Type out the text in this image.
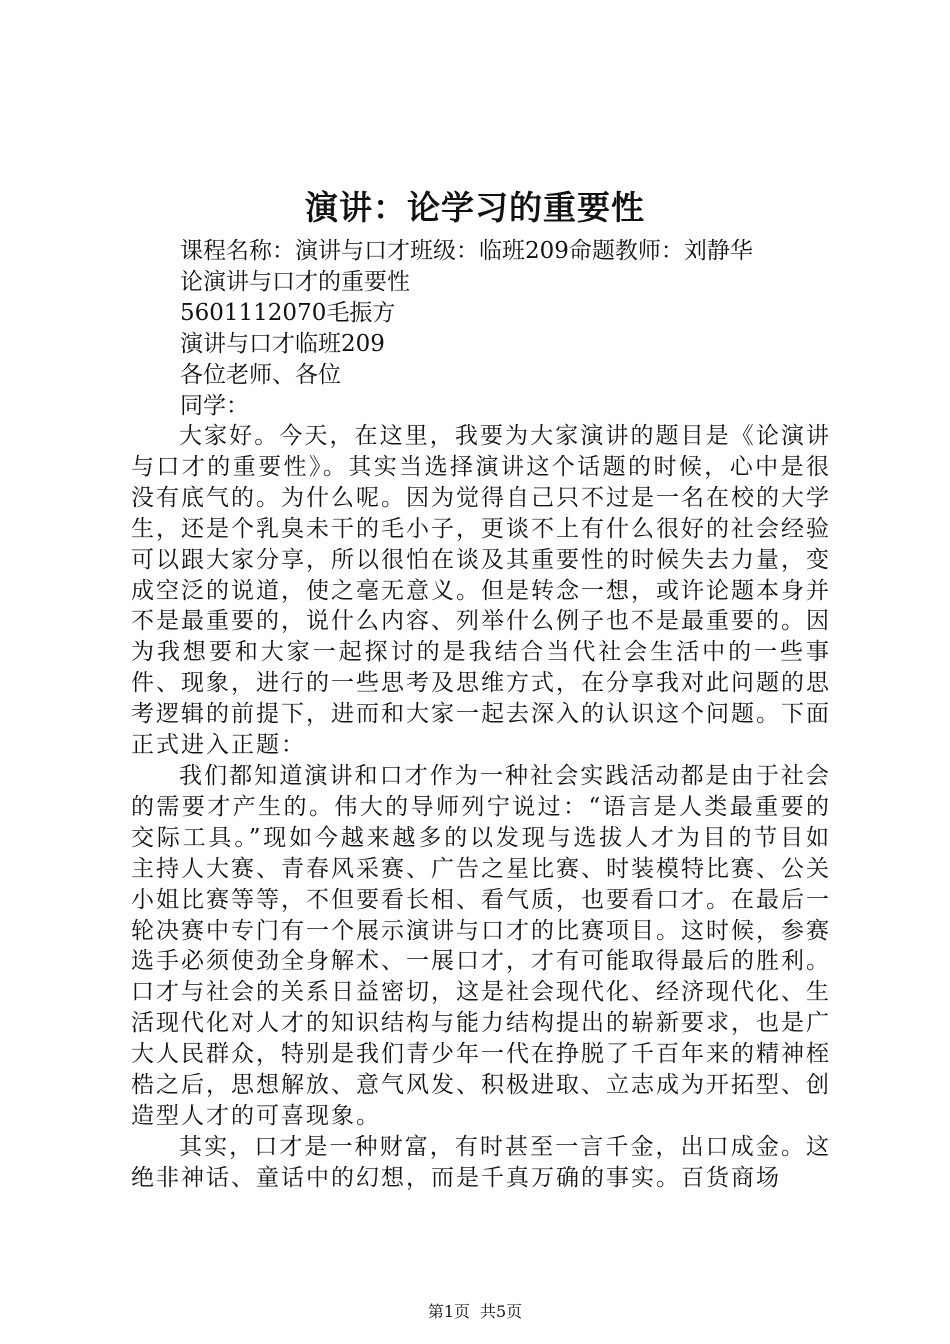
演讲：论学习的重要性

课程名称：演讲与口才班级：临班209命题教师：刘静华

论演讲与口才的重要性

5601112070毛振方

演讲与口才临班209

各位老师、各位

同学：

大家好。今天，在这里，我要为大家演讲的题目是《论演讲与口才的重要性》。其实当选择演讲这个话题的时候，心中是很没有底气的。为什么呢。因为觉得自己只不过是一名在校的大学生，还是个乳臭未干的毛小子，更谈不上有什么很好的社会经验可以跟大家分享，所以很怕在谈及其重要性的时候失去力量，变成空泛的说道，使之毫无意义。但是转念一想，或许论题本身并不是最重要的，说什么内容、列举什么例子也不是最重要的。因为我想要和大家一起探讨的是我结合当代社会生活中的一些事件、现象，进行的一些思考及思维方式，在分享我对此问题的思考逻辑的前提下，进而和大家一起去深入的认识这个问题。下面正式进入正题：

我们都知道演讲和口才作为一种社会实践活动都是由于社会的需要才产生的。伟大的导师列宁说过：“语言是人类最重要的交际工具。”现如今越来越多的以发现与选拔人才为目的节目如主持人大赛、青春风采赛、广告之星比赛、时装模特比赛、公关小姐比赛等等，不但要看长相、看气质，也要看口才。在最后一轮决赛中专门有一个展示演讲与口才的比赛项目。这时候，参赛选手必须使劲全身解术、一展口才，才有可能取得最后的胜利。口才与社会的关系日益密切，这是社会现代化、经济现代化、生活现代化对人才的知识结构与能力结构提出的崭新要求，也是广大人民群众，特别是我们青少年一代在挣脱了千百年来的精神桎梏之后，思想解放、意气风发、积极进取、立志成为开拓型、创造型人才的可喜现象。

其实，口才是一种财富，有时甚至一言千金，出口成金。这绝非神话、童话中的幻想，而是千真万确的事实。百货商场

第1页 共5页
